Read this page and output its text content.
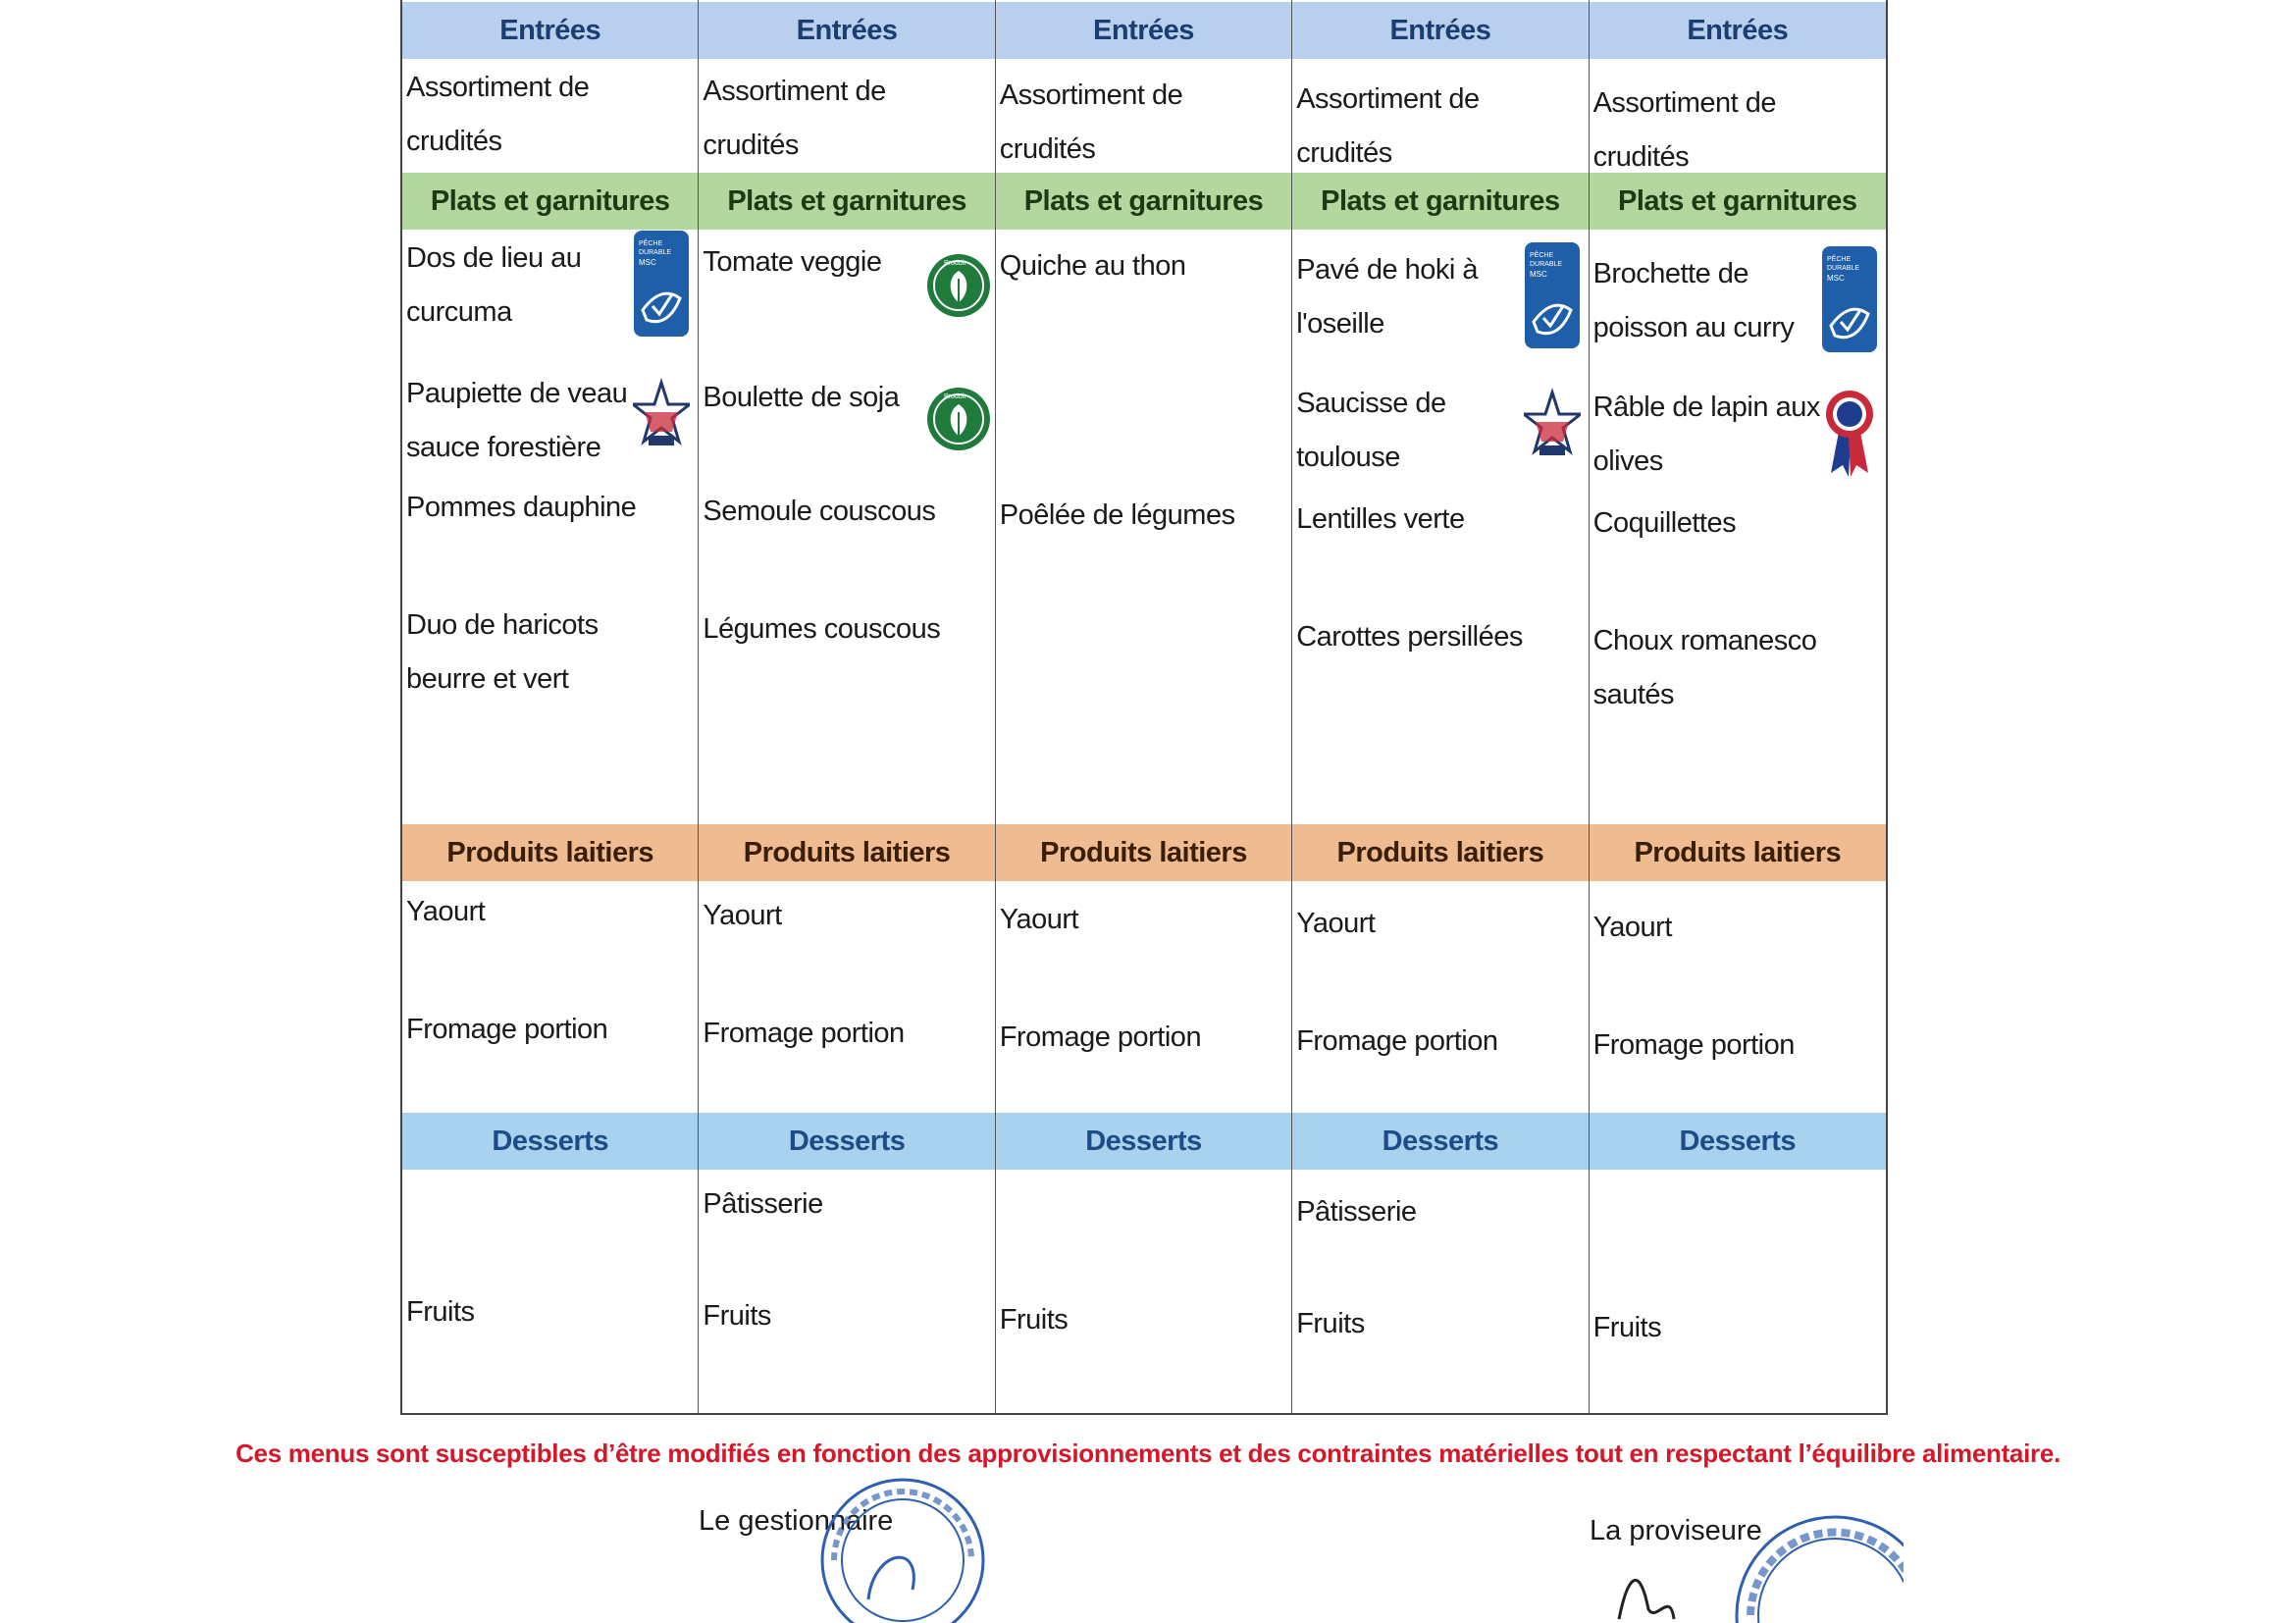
Entrées
Assortiment de crudités
Plats et garnitures
Dos de lieu au curcuma
Paupiette de veau sauce forestière
Pommes dauphine
Duo de haricots beurre et vert
Produits laitiers
Yaourt
Fromage portion
Desserts
Fruits
Entrées
Assortiment de crudités
Plats et garnitures
Tomate veggie
Boulette de soja
Semoule couscous
Légumes couscous
Produits laitiers
Yaourt
Fromage portion
Desserts
Pâtisserie
Fruits
Entrées
Assortiment de crudités
Plats et garnitures
Quiche au thon
Poêlée de légumes
Produits laitiers
Yaourt
Fromage portion
Desserts
Fruits
Entrées
Assortiment de crudités
Plats et garnitures
Pavé de hoki à l'oseille
Saucisse de toulouse
Lentilles verte
Carottes persillées
Produits laitiers
Yaourt
Fromage portion
Desserts
Pâtisserie
Fruits
Entrées
Assortiment de crudités
Plats et garnitures
Brochette de poisson au curry
Râble de lapin aux olives
Coquillettes
Choux romanesco sautés
Produits laitiers
Yaourt
Fromage portion
Desserts
Fruits
Ces menus sont susceptibles d’être modifiés en fonction des approvisionnements et des contraintes matérielles tout en respectant l’équilibre alimentaire.
Le gestionnaire	La proviseure
